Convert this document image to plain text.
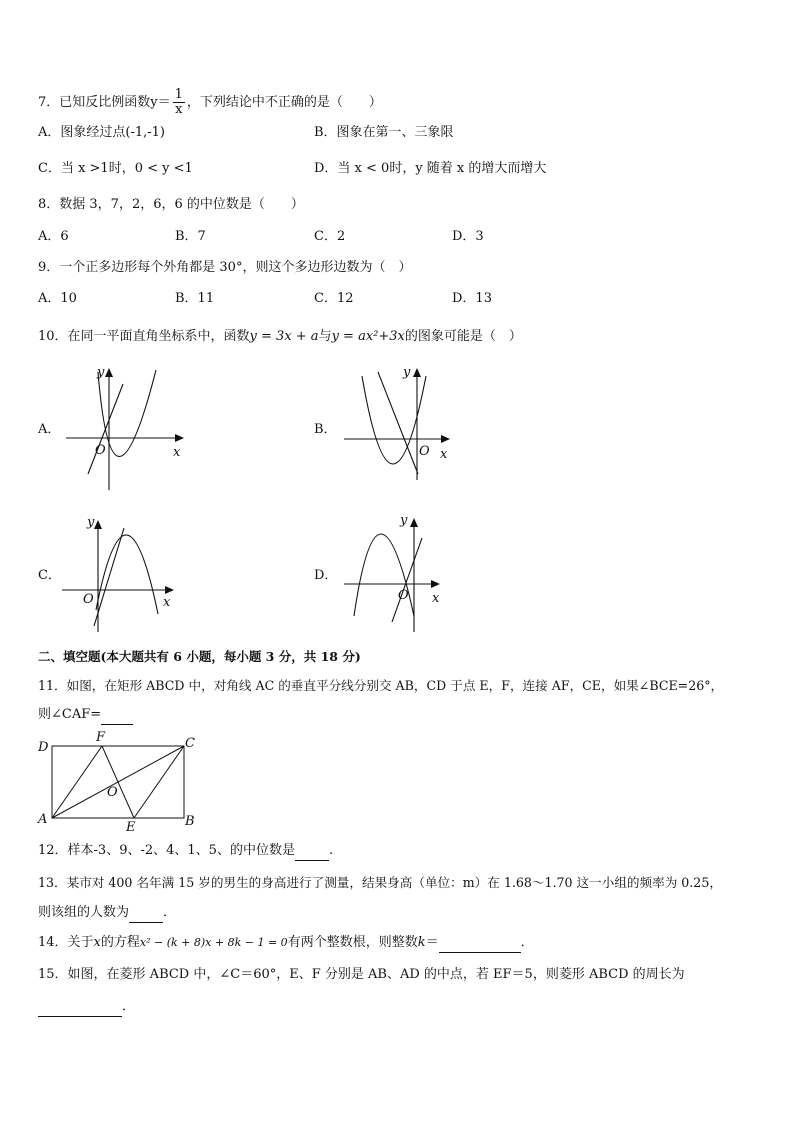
7．已知反比例函数$y= \frac{1}{x}$ ，下列结论中不正确的是（　　）
A．图象经过点(-1,-1)	B．图象在第一、三象限
C．当 x >1时，0 < y <1	D．当 x < 0时，y 随着 x 的增大而增大
8．数据 3，7，2，6，6 的中位数是（　　）
A．6	B．7	C．2	D．3
9．一个正多边形每个外角都是 30°，则这个多边形边数为（　）
A．10	B．11	C．12	D．13
10．在同一平面直角坐标系中，函数y = 3x + a与y = ax²+3x的图象可能是（　）
A．	B．
C．	D．
y
x
O
y
x
O
y
x
O
y
x
O
二、填空题(本大题共有 6 小题，每小题 3 分，共 18 分)
11．如图，在矩形 ABCD 中，对角线 AC 的垂直平分线分别交 AB，CD 于点 E，F，连接 AF，CE，如果∠BCE=26°，
则∠CAF=
D
F	C
O
A
E	B
12．样本-3、9、-2、4、1、5、的中位数是	.
13．某市对 400 名年满 15 岁的男生的身高进行了测量，结果身高（单位：m）在 1.68～1.70 这一小组的频率为 0.25，
则该组的人数为	．
14．关于x的方程x² − (k + 8)x + 8k − 1 = 0有两个整数根，则整数k＝	．
15．如图，在菱形 ABCD 中，∠C＝60°，E、F 分别是 AB、AD 的中点，若 EF＝5，则菱形 ABCD 的周长为
．
